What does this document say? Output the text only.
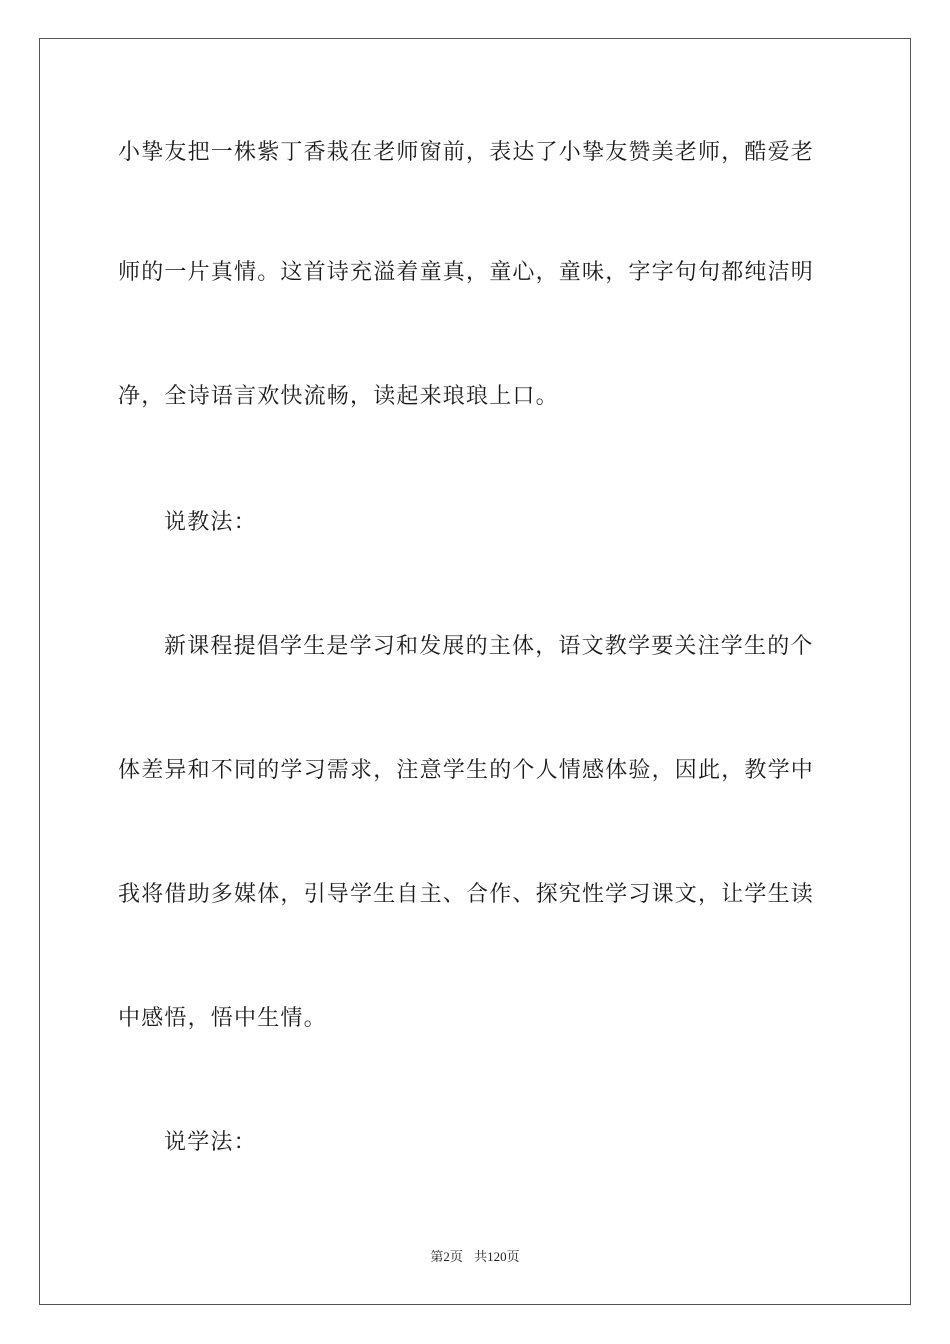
小挚友把一株紫丁香栽在老师窗前，表达了小挚友赞美老师，酷爱老
师的一片真情。这首诗充溢着童真，童心，童味，字字句句都纯洁明
净，全诗语言欢快流畅，读起来琅琅上口。
说教法：
新课程提倡学生是学习和发展的主体，语文教学要关注学生的个
体差异和不同的学习需求，注意学生的个人情感体验，因此，教学中
我将借助多媒体，引导学生自主、合作、探究性学习课文，让学生读
中感悟，悟中生情。
说学法：
第2页 共120页
